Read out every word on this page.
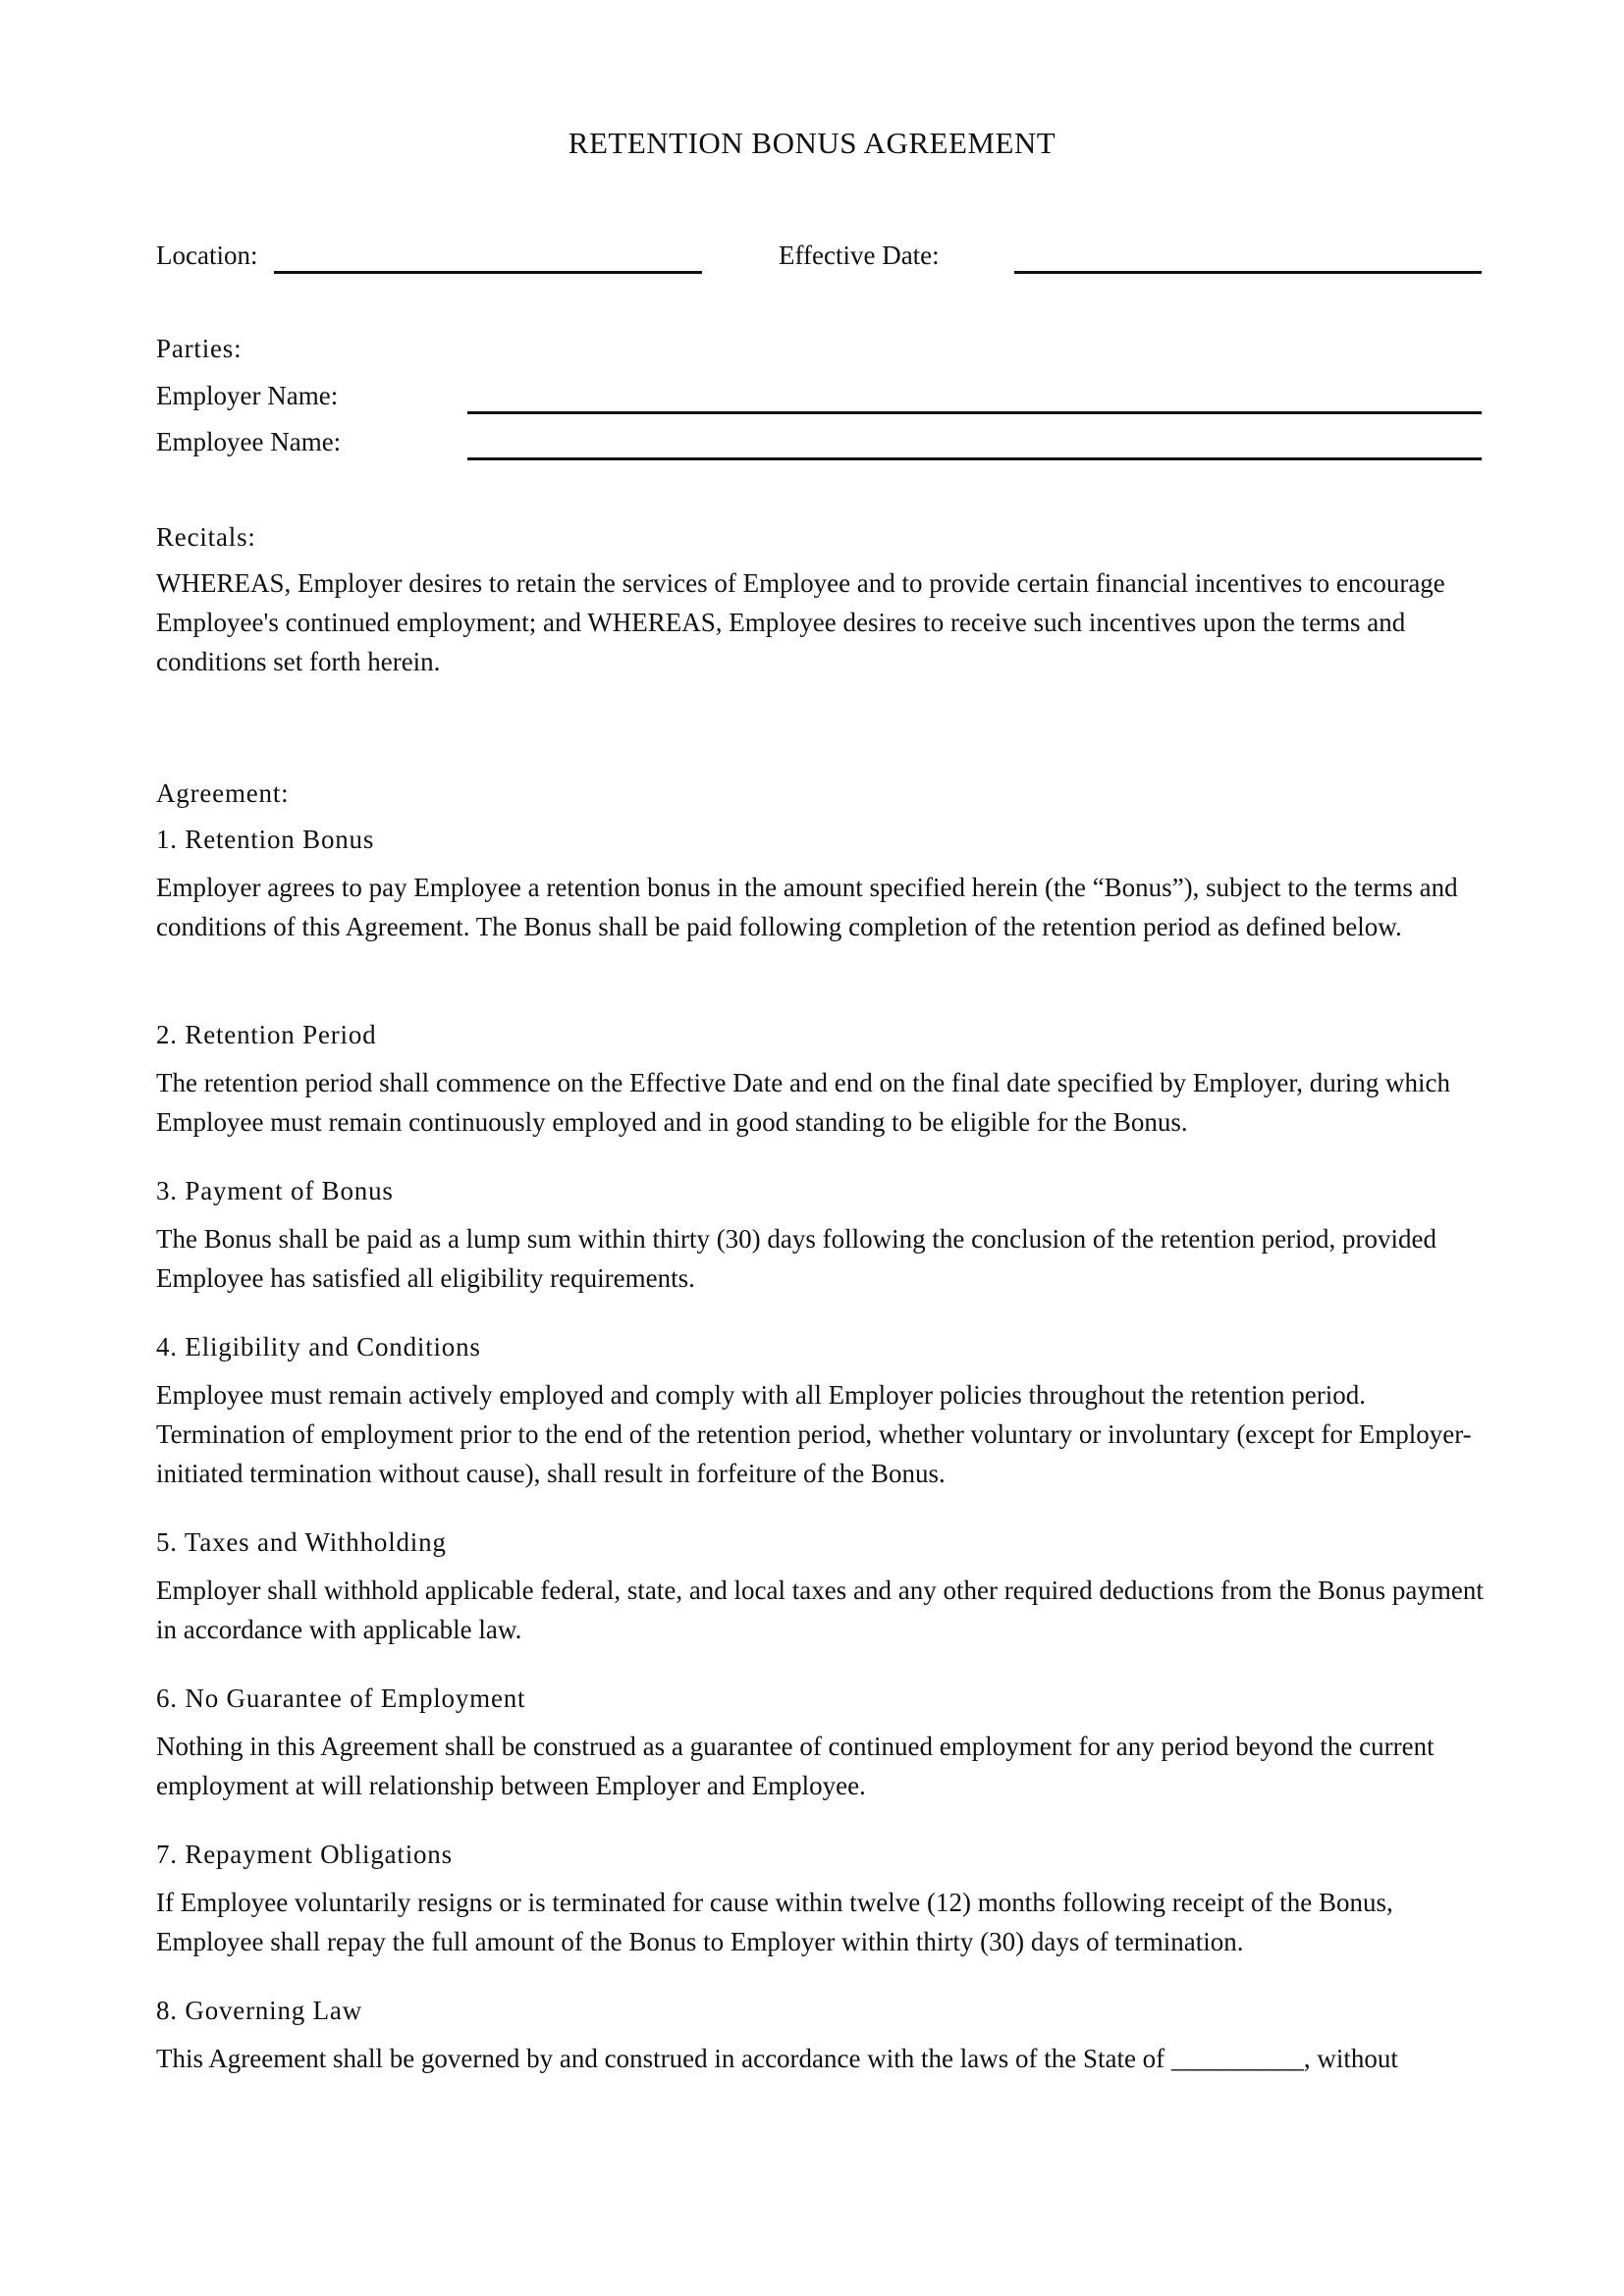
RETENTION BONUS AGREEMENT
Location:	Effective Date:
Parties:
Employer Name:
Employee Name:
Recitals:
WHEREAS, Employer desires to retain the services of Employee and to provide certain financial incentives to encourage Employee's continued employment; and WHEREAS, Employee desires to receive such incentives upon the terms and conditions set forth herein.
Agreement:
1. Retention Bonus
Employer agrees to pay Employee a retention bonus in the amount specified herein (the “Bonus”), subject to the terms and conditions of this Agreement. The Bonus shall be paid following completion of the retention period as defined below.
2. Retention Period
The retention period shall commence on the Effective Date and end on the final date specified by Employer, during which Employee must remain continuously employed and in good standing to be eligible for the Bonus.
3. Payment of Bonus
The Bonus shall be paid as a lump sum within thirty (30) days following the conclusion of the retention period, provided Employee has satisfied all eligibility requirements.
4. Eligibility and Conditions
Employee must remain actively employed and comply with all Employer policies throughout the retention period. Termination of employment prior to the end of the retention period, whether voluntary or involuntary (except for Employer-initiated termination without cause), shall result in forfeiture of the Bonus.
5. Taxes and Withholding
Employer shall withhold applicable federal, state, and local taxes and any other required deductions from the Bonus payment in accordance with applicable law.
6. No Guarantee of Employment
Nothing in this Agreement shall be construed as a guarantee of continued employment for any period beyond the current employment at will relationship between Employer and Employee.
7. Repayment Obligations
If Employee voluntarily resigns or is terminated for cause within twelve (12) months following receipt of the Bonus, Employee shall repay the full amount of the Bonus to Employer within thirty (30) days of termination.
8. Governing Law
This Agreement shall be governed by and construed in accordance with the laws of the State of __________, without
